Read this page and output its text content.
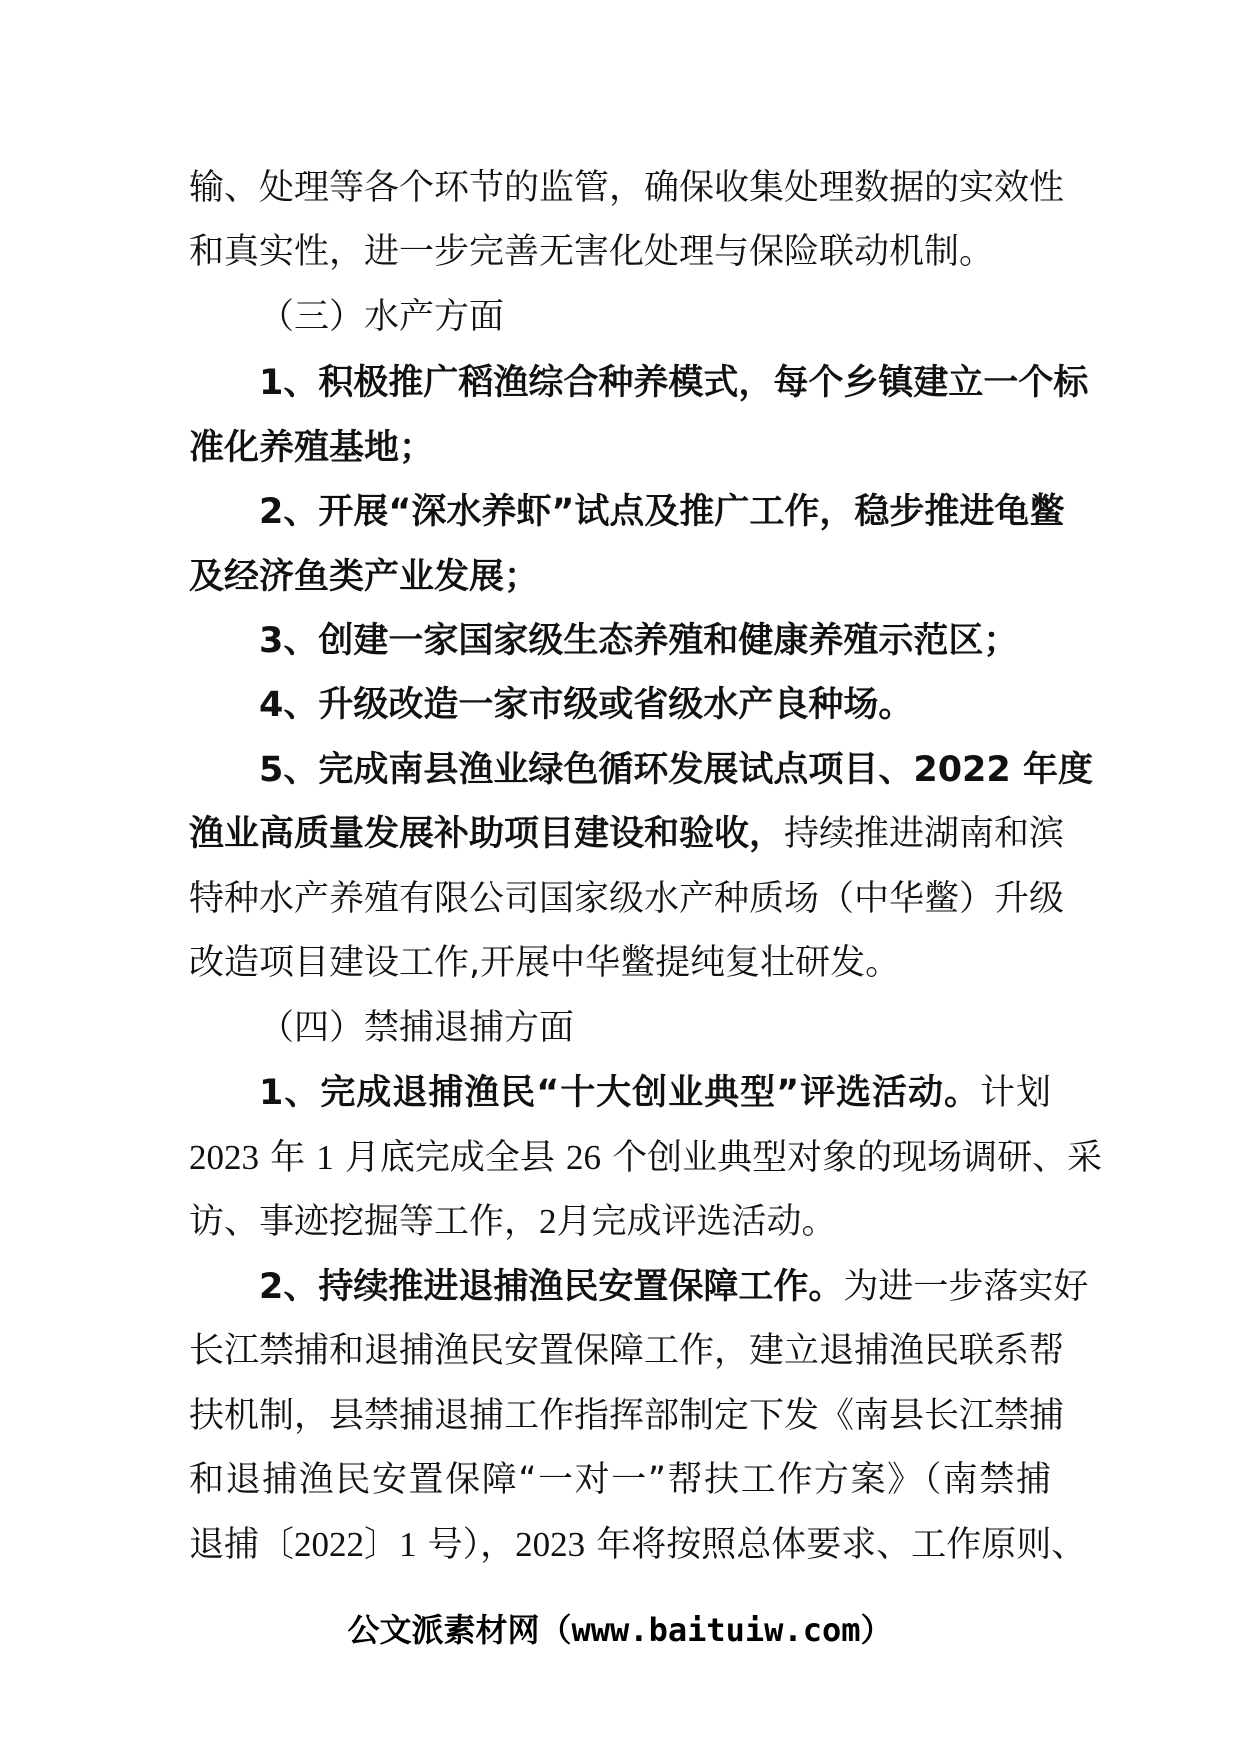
输、处理等各个环节的监管，确保收集处理数据的实效性
和真实性，进一步完善无害化处理与保险联动机制。
（三）水产方面
1、积极推广稻渔综合种养模式，每个乡镇建立一个标
准化养殖基地；
2、开展“深水养虾”试点及推广工作，稳步推进龟鳖
及经济鱼类产业发展；
3、创建一家国家级生态养殖和健康养殖示范区；
4、升级改造一家市级或省级水产良种场。
5、完成南县渔业绿色循环发展试点项目、2022 年度
渔业高质量发展补助项目建设和验收，持续推进湖南和滨
特种水产养殖有限公司国家级水产种质场（中华鳖）升级
改造项目建设工作,开展中华鳖提纯复壮研发。
（四）禁捕退捕方面
1、完成退捕渔民“十大创业典型”评选活动。计划
2023 年 1 月底完成全县 26 个创业典型对象的现场调研、采
访、事迹挖掘等工作，2月完成评选活动。
2、持续推进退捕渔民安置保障工作。为进一步落实好
长江禁捕和退捕渔民安置保障工作，建立退捕渔民联系帮
扶机制，县禁捕退捕工作指挥部制定下发《南县长江禁捕
和退捕渔民安置保障“一对一”帮扶工作方案》（南禁捕
退捕〔2022〕1 号），2023 年将按照总体要求、工作原则、
公文派素材网（www.baituiw.com）
